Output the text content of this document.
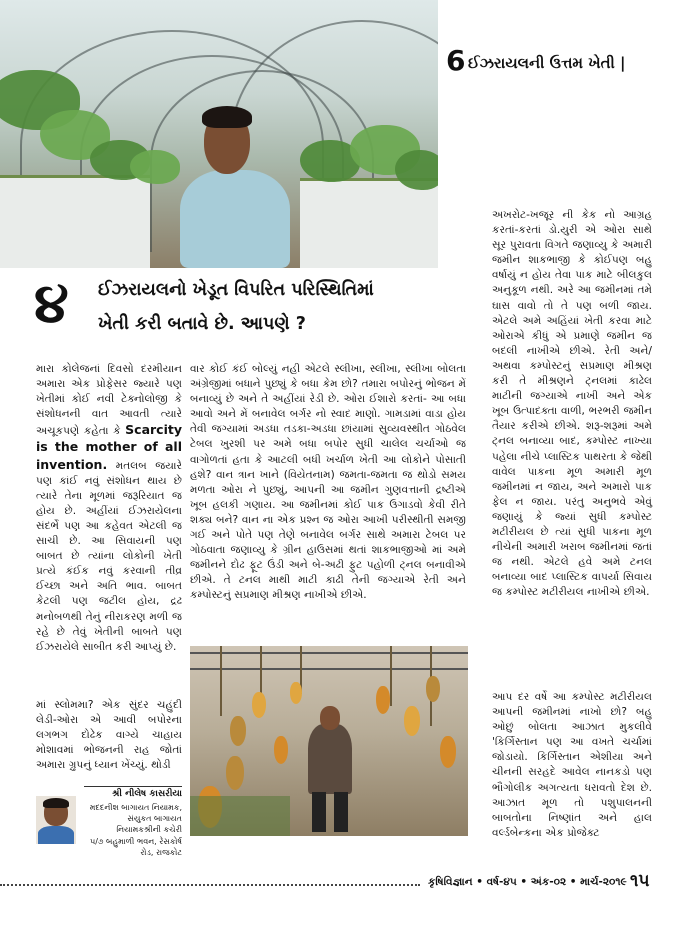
6 ઈઝરાયલની ઉત્તમ ખેતી |
૪ ઈઝરાયલનો ખેડૂત વિપરિત પરિસ્થિતિમાં
ખેતી કરી બતાવે છે. આપણે ?

મારા કોલેજનાં દિવસો દરમીયાન અમારા એક પ્રોફેસર જ્યારે પણ ખેતીમાં કોઈ નવી ટેક્નોલોજી કે સંશોધનની વાત આવતી ત્યારે અચૂકપણે કહેતા કે Scarcity is the mother of all invention. મતલબ જયારે પણ કાંઈ નવું સંશોધન થાય છે ત્યારે તેના મૂળમાં જરૂરિયાત જ હોય છે. અહીંયાં ઈઝરાયેલના સંદર્ભે પણ આ કહેવત એટલી જ સાચી છે. આ સિવાયની પણ બાબત છે ત્યાંના લોકોની ખેતી પ્રત્યે કંઈક નવું કરવાની તીવ્ર ઈચ્છા અને અતિ ભાવ. બાબત કેટલી પણ જટીલ હોય, દ્રઢ મનોબળથી તેનું નીરાકરણ મળી જ રહે છે તેવું ખેતીની બાબતે પણ ઈઝરાયેલે સાબીત કરી આપ્યું છે.

માં સ્લોમમા? એક સુંદર ચહુંદી લેડી-ઓરા એ આવી બપોરના લગભગ દોઢેક વાગ્યે ચાહાય મોશાવમાં ભોજનની રાહ જોતાં અમારા ગ્રુપનું ધ્યાન ખેંચ્યું. થોડી

શ્રી નીલેષ કાસરીયા
મદદનીશ બાગાયત નિયામક, સંયુકત બાગાયત નિયામકશ્રીની કચેરી
૫/૭ બહુમાળી ભવન, રેસકોર્ષ રોડ, રાજકોટ

વાર કોઈ કંઈ બોલ્યું નહી એટલે સ્લીખા, સ્લીખા, સ્લીખા બોલતા અંગ્રેજીમાં બધાને પુછ્યું કે બધા કેમ છો? તમારા બપોરનું ભોજન મેં બનાવ્યું છે અને તે અહીંયાં રેડી છે. ઓરા ઈશારો કરતાં- આ બધા આવો અને મેં બનાવેલ બર્ગર નો સ્વાદ માણો. ગામડામાં વાડા હોય તેવી જગ્યામાં અડધા તડકા-અડધા છાંયામાં સુવ્યવસ્થીત ગોઠવેલ ટેબલ ખુરશી પર અમે બધા બપોર સુધી ચાલેલ ચર્ચાઓ જ વાગોળતાં હતા કે આટલી બધી ખર્ચાળ ખેતી આ લોકોને પોસાતી હશે? વાન ત્રાન ખાને (વિયેતનામ) જમતા-જમતા જ થોડો સમય મળતા ઓરા ને પુછ્યું, આપની આ જમીન ગુણવત્તાની દ્રષ્ટીએ ખૂબ હલકી ગણાય. આ જમીનમાં કોઈ પાક ઉગાડવો કેવી રીતે શક્ય બને? વાન ના એક પ્રશ્ન જ ઓરા આખી પરીસ્થીતી સમજી ગઈ અને પોતે પણ તેણે બનાવેલ બર્ગર સાથે અમારા ટેબલ પર ગોઠવાતા જણાવ્યુ કે ગ્રીન હાઉસમાં થતાં શાકભાજીઓ માં અમે જમીનને દોઢ ફૂટ ઉંડી અને બે-અઢી ફુટ પહોળી ટ્નલ બનાવીએ છીએ. તે ટનલ માથી માટી કાઢી તેની જગ્યાએ રેતી અને કમ્પોસ્ટનું સપ્રમાણ મીશ્રણ નાખીએ છીએ.

અખરોટ-ખજૂર ની કેક નો આગ્રહ કરતાં-કરતાં ડો.યુરી એ ઓરા સાથે સૂર પુરાવતા વિગતે જણાવ્યુ કે અમારી જમીન શાકભાજી કે કોઈપણ બહુ વર્ષાયું ન હોય તેવા પાક માટે બીલકુલ અનુકૂળ નથી. અરે આ જમીનમાં તમે ઘાસ વાવો તો તે પણ બળી જાય. એટલે અમે અહિંયાં ખેતી કરવા માટે ઓરાએ કીધું એ પ્રમાણે જમીન જ બદલી નાખીએ છીએ. રેતી અને/અથવા કમ્પોસ્ટનું સપ્રમાણ મીશ્રણ કરી તે મીશ્રણને ટ્નલમાં કાઢેલ માટીની જગ્યાએ નાખી અને એક ખૂબ ઉત્પાદક્તા વાળી, ભરભરી જમીન તૈયાર કરીએ છીએ. શરૂ-શરૂમાં અમે ટ્નલ બનાવ્યા બાદ, કમ્પોસ્ટ નાખ્યા પહેલા નીચે પ્લાસ્ટિક પાથરતા કે જેથી વાવેલ પાકના મૂળ અમારી મૂળ જમીનમાં ન જાય, અને અમારો પાક ફેલ ન જાય. પરંતુ અનુભવે એવું જણાયું કે જ્યાં સુધી કમ્પોસ્ટ મટીરીયલ છે ત્યાં સુધી પાકના મૂળ નીચેની અમારી ખરાબ જમીનમાં જતાં જ નથી. એટલે હવે અમે ટનલ બનાવ્યા બાદ પ્લાસ્ટિક વાપર્યા સિવાય જ કમ્પોસ્ટ મટીરીયલ નાખીએ છીએ.

આપ દર વર્ષે આ કમ્પોસ્ટ મટીરીયલ આપની જમીનમાં નાખો છો? બહુ ઓછું બોલતા આઝાત મુકલીવે 'કિર્ગિસ્તાન પણ આ વખતે ચર્ચામાં જોડાયો. કિર્ગિસ્તાન એશીયા અને ચીનની સરહદે આવેલ નાનકડો પણ ભૌગોલીક અગત્યતા ધરાવતો દેશ છે. આઝાત મૂળ તો પશુપાલનની બાબતોના નિષ્ણાંત અને હાલ વર્લ્ડબેન્કના એક પ્રોજેક્ટ

કૃષિવિજ્ઞાન • વર્ષ-૪૫ • અંક-૦૨ • માર્ચ-૨૦૧૯ ૧૫
